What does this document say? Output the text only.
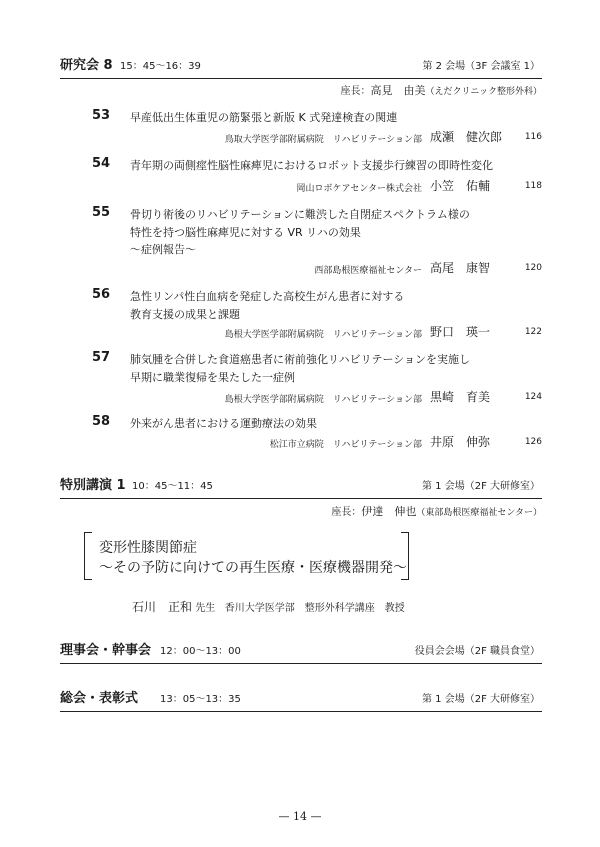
研究会 8 15：45～16：39	第 2 会場（3F 会議室 1）
座長：高見　由美（えだクリニック整形外科）
53	早産低出生体重児の筋緊張と新版 K 式発達検査の関連
鳥取大学医学部附属病院　リハビリテーション部 成瀬　健次郎	116
54	青年期の両側痙性脳性麻痺児におけるロボット支援歩行練習の即時性変化
岡山ロボケアセンター株式会社 小笠　佑輔	118
55	骨切り術後のリハビリテーションに難渋した自閉症スペクトラム様の
特性を持つ脳性麻痺児に対する VR リハの効果
～症例報告～
西部島根医療福祉センター 高尾　康智	120
56	急性リンパ性白血病を発症した高校生がん患者に対する
教育支援の成果と課題
島根大学医学部附属病院　リハビリテーション部 野口　瑛一	122
57	肺気腫を合併した食道癌患者に術前強化リハビリテーションを実施し
早期に職業復帰を果たした一症例
島根大学医学部附属病院　リハビリテーション部 黒崎　育美	124
58	外来がん患者における運動療法の効果
松江市立病院　リハビリテーション部 井原　伸弥	126
特別講演 1 10：45～11：45	第 1 会場（2F 大研修室）
座長：伊達　伸也（東部島根医療福祉センター）
変形性膝関節症
～その予防に向けての再生医療・医療機器開発～
石川　正和 先生 香川大学医学部　整形外科学講座　教授
理事会・幹事会 12：00～13：00	役員会会場（2F 職員食堂）
総会・表彰式 13：05～13：35	第 1 会場（2F 大研修室）
— 14 —
